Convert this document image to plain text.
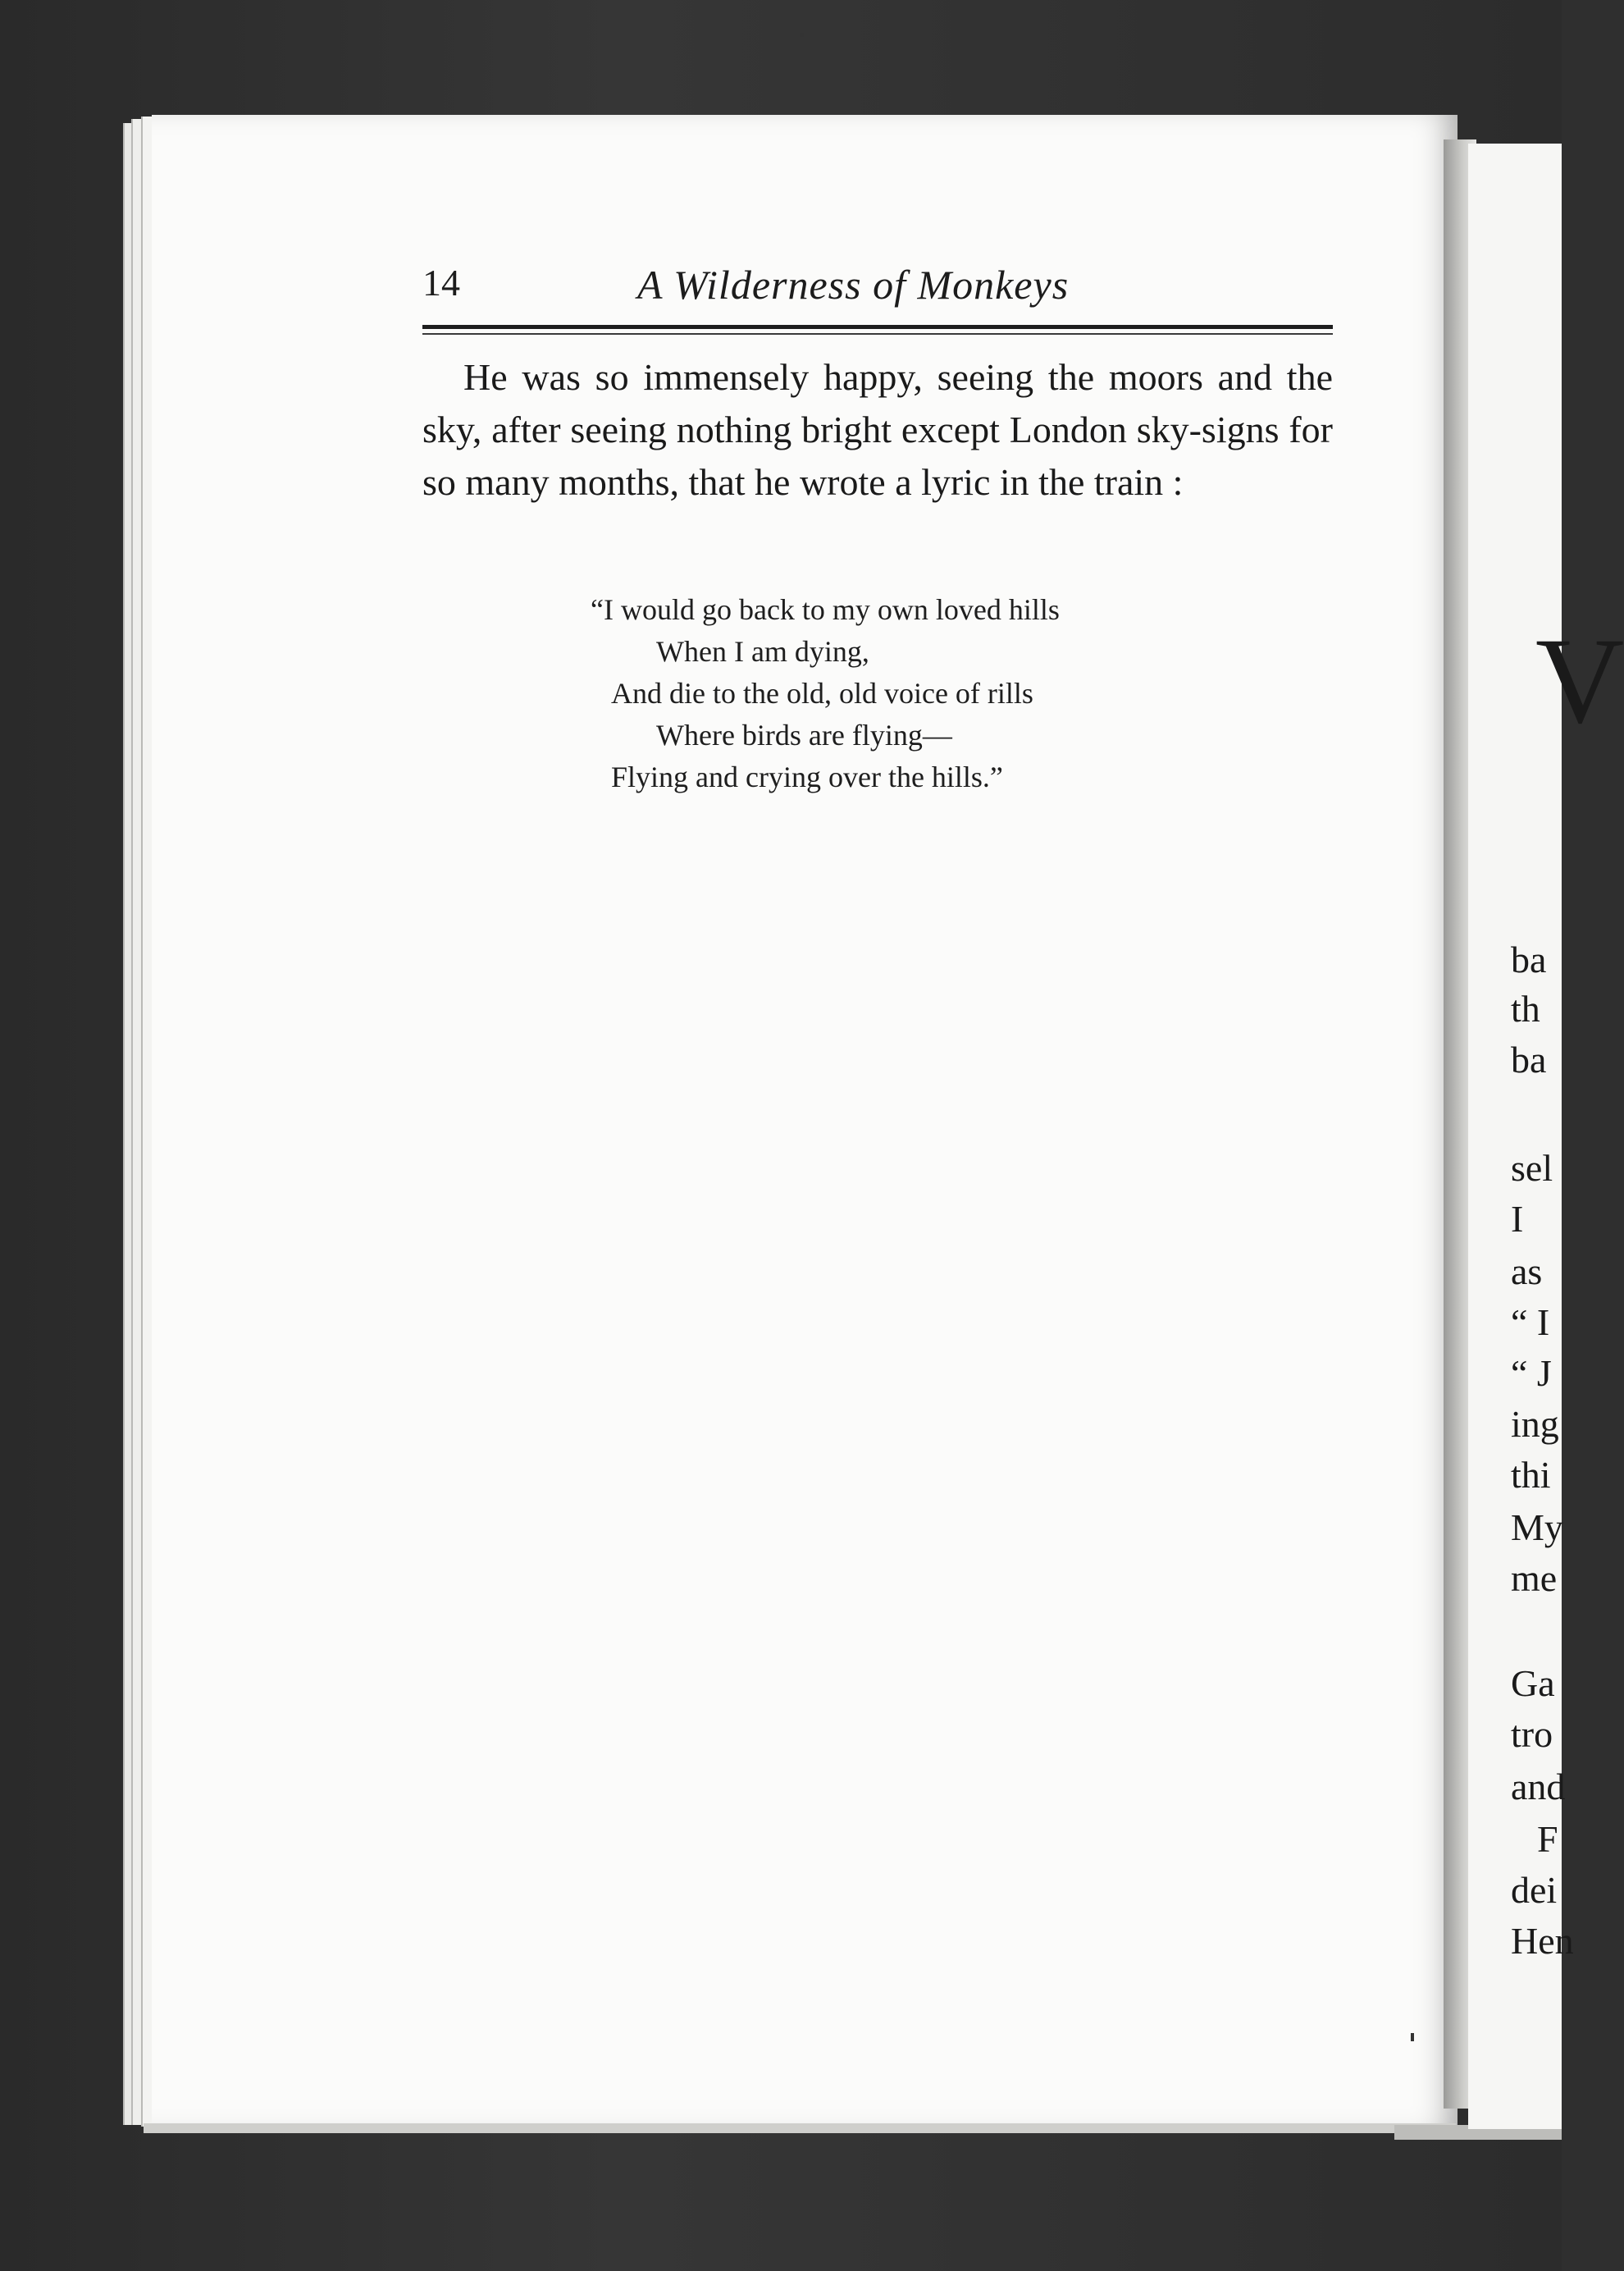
14	A Wilderness of Monkeys

He was so immensely happy, seeing the moors and the sky, after seeing nothing bright except London sky-signs for so many months, that he wrote a lyric in the train :

“I would go back to my own loved hills
When I am dying,
And die to the old, old voice of rills
Where birds are flying—
Flying and crying over the hills.”
V
ba
th
ba
sel
I
as
“ I
“ J
ing
thi
My
me
Ga
tro
and
F
dei
Hen
